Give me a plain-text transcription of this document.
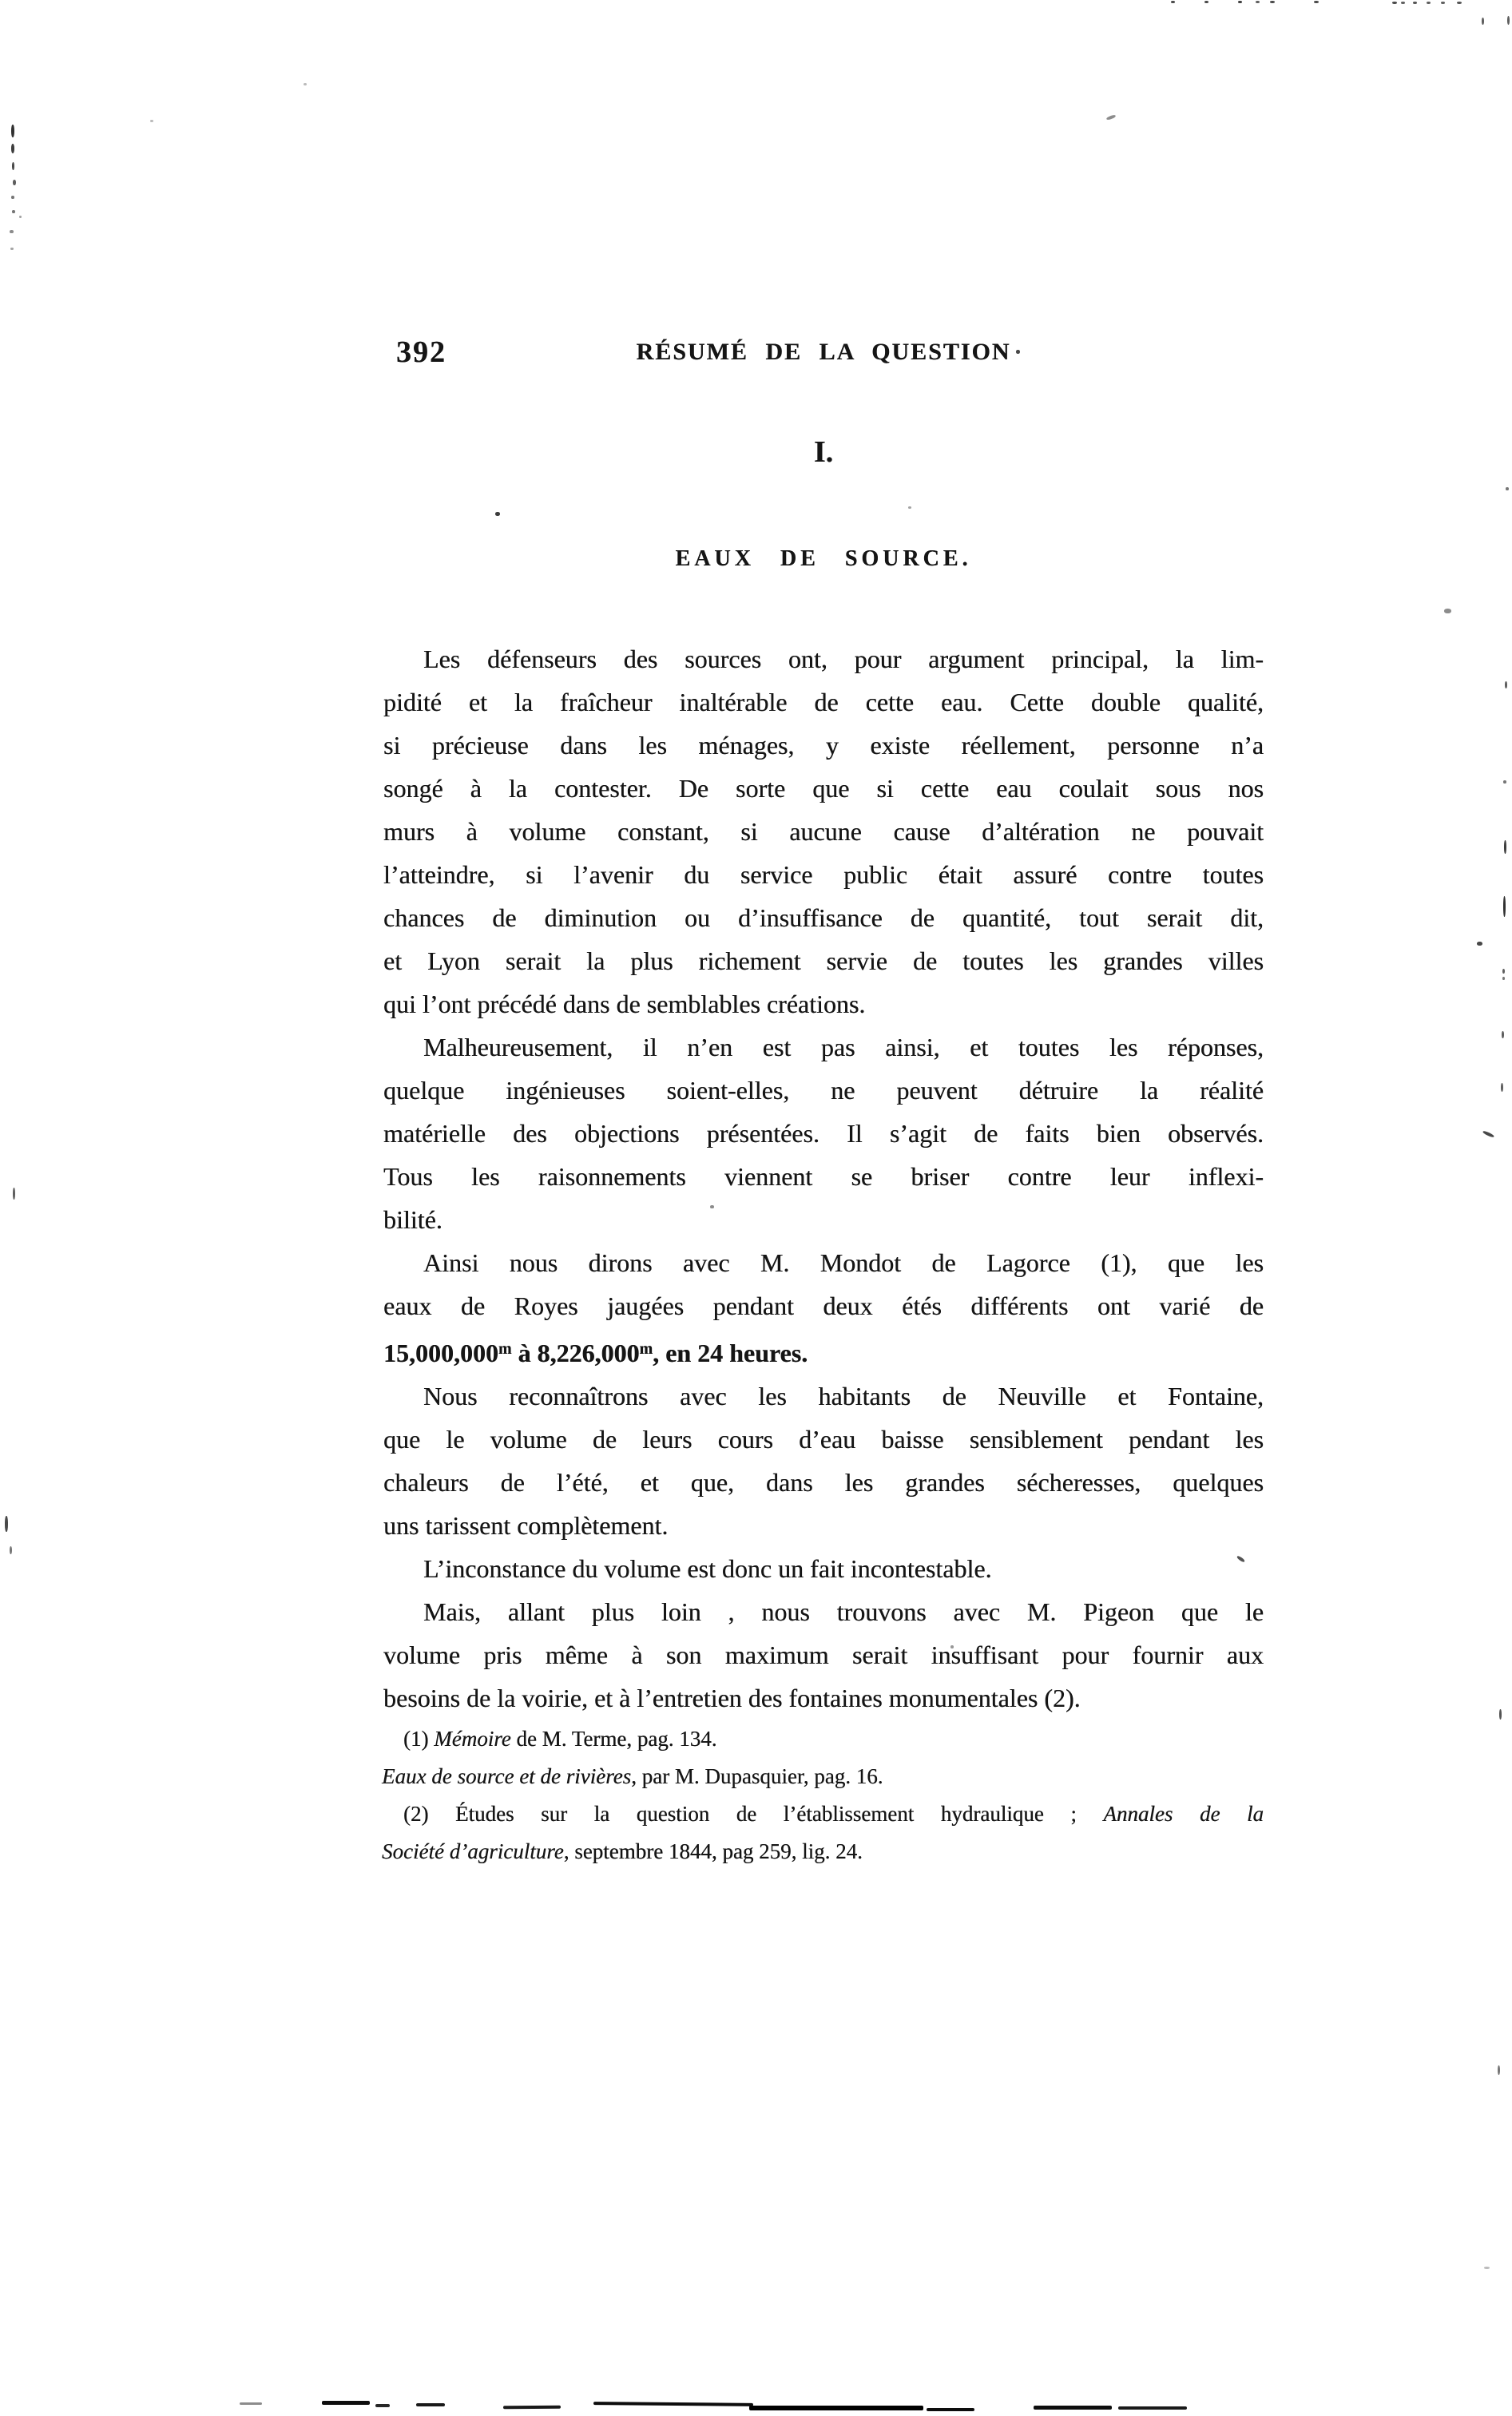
392	RÉSUMÉ DE LA QUESTION
I.
EAUX DE SOURCE.
Les défenseurs des sources ont, pour argument principal, la lim-
pidité et la fraîcheur inaltérable de cette eau. Cette double qualité,
si précieuse dans les ménages, y existe réellement, personne n’a
songé à la contester. De sorte que si cette eau coulait sous nos
murs à volume constant, si aucune cause d’altération ne pouvait
l’atteindre, si l’avenir du service public était assuré contre toutes
chances de diminution ou d’insuffisance de quantité, tout serait dit,
et Lyon serait la plus richement servie de toutes les grandes villes
qui l’ont précédé dans de semblables créations.
Malheureusement, il n’en est pas ainsi, et toutes les réponses,
quelque ingénieuses soient-elles, ne peuvent détruire la réalité
matérielle des objections présentées. Il s’agit de faits bien observés.
Tous les raisonnements viennent se briser contre leur inflexi-
bilité.
Ainsi nous dirons avec M. Mondot de Lagorce (1), que les
eaux de Royes jaugées pendant deux étés différents ont varié de
15,000,000$^m$ à 8,226,000$^m$, en 24 heures.
Nous reconnaîtrons avec les habitants de Neuville et Fontaine,
que le volume de leurs cours d’eau baisse sensiblement pendant les
chaleurs de l’été, et que, dans les grandes sécheresses, quelques
uns tarissent complètement.
L’inconstance du volume est donc un fait incontestable.
Mais, allant plus loin , nous trouvons avec M. Pigeon que le
volume pris même à son maximum serait insuffisant pour fournir aux
besoins de la voirie, et à l’entretien des fontaines monumentales (2).
(1) Mémoire de M. Terme, pag. 134.
Eaux de source et de rivières, par M. Dupasquier, pag. 16.
(2) Études sur la question de l’établissement hydraulique ; Annales de la
Société d’agriculture, septembre 1844, pag 259, lig. 24.
